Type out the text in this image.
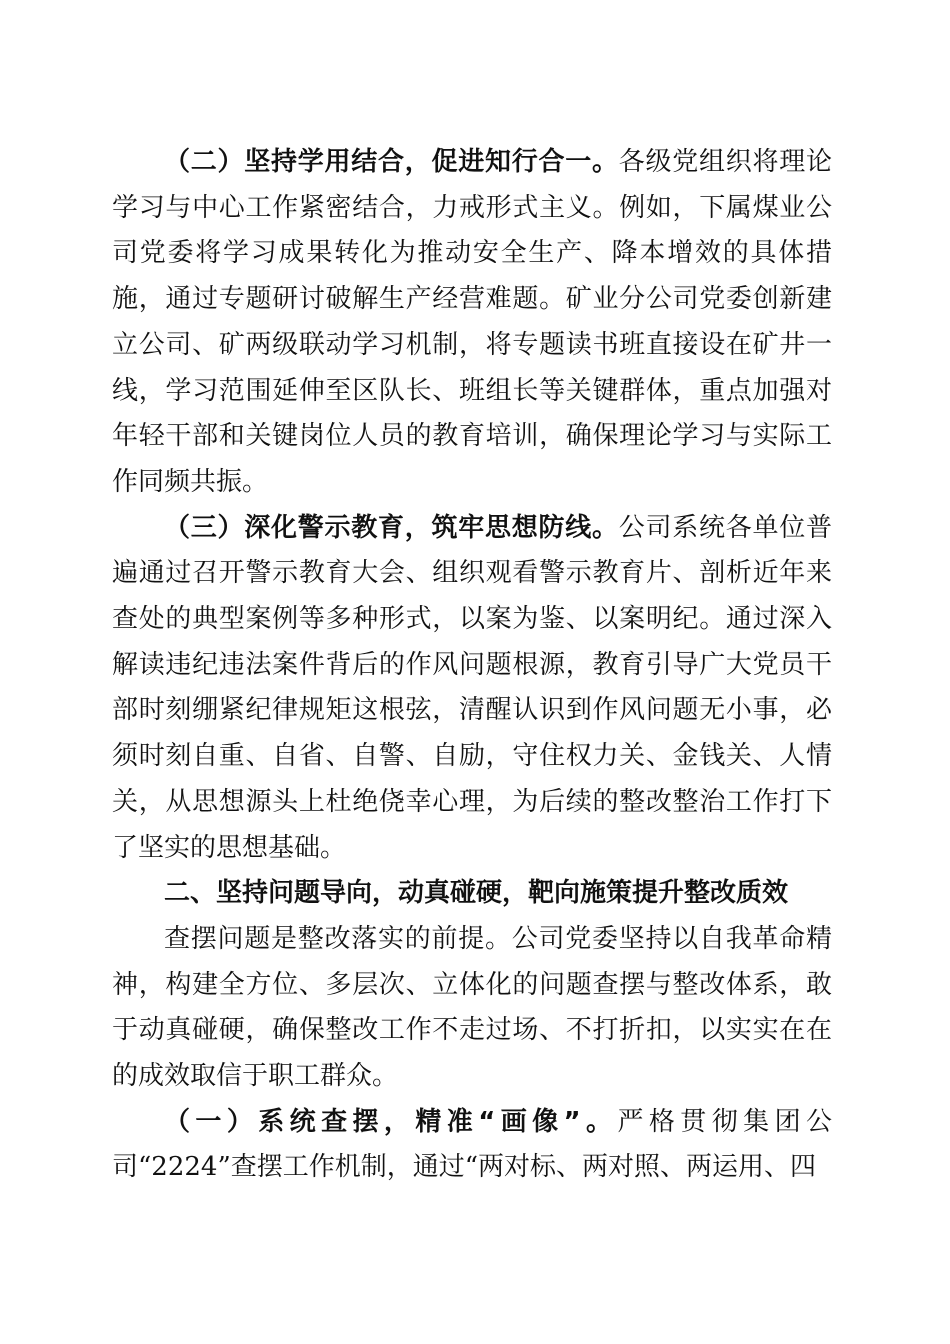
（二）坚持学用结合，促进知行合一。各级党组织将理论学习与中心工作紧密结合，力戒形式主义。例如，下属煤业公司党委将学习成果转化为推动安全生产、降本增效的具体措施，通过专题研讨破解生产经营难题。矿业分公司党委创新建立公司、矿两级联动学习机制，将专题读书班直接设在矿井一线，学习范围延伸至区队长、班组长等关键群体，重点加强对年轻干部和关键岗位人员的教育培训，确保理论学习与实际工作同频共振。

（三）深化警示教育，筑牢思想防线。公司系统各单位普遍通过召开警示教育大会、组织观看警示教育片、剖析近年来查处的典型案例等多种形式，以案为鉴、以案明纪。通过深入解读违纪违法案件背后的作风问题根源，教育引导广大党员干部时刻绷紧纪律规矩这根弦，清醒认识到作风问题无小事，必须时刻自重、自省、自警、自励，守住权力关、金钱关、人情关，从思想源头上杜绝侥幸心理，为后续的整改整治工作打下了坚实的思想基础。

二、坚持问题导向，动真碰硬，靶向施策提升整改质效

查摆问题是整改落实的前提。公司党委坚持以自我革命精神，构建全方位、多层次、立体化的问题查摆与整改体系，敢于动真碰硬，确保整改工作不走过场、不打折扣，以实实在在的成效取信于职工群众。

（一）系统查摆，精准“画像”。严格贯彻集团公司“2224”查摆工作机制，通过“两对标、两对照、两运用、四
